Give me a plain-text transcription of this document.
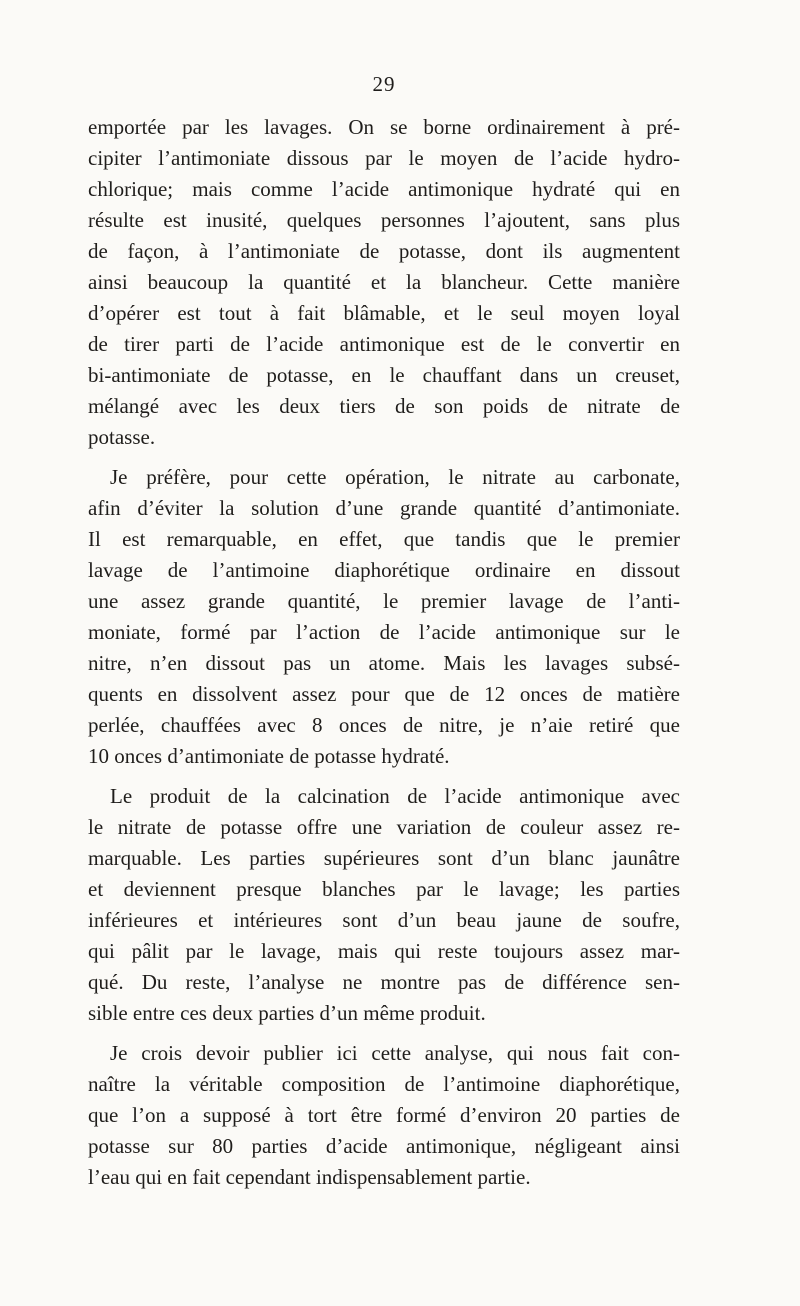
29

emportée par les lavages. On se borne ordinairement à pré-
cipiter l’antimoniate dissous par le moyen de l’acide hydro-
chlorique; mais comme l’acide antimonique hydraté qui en
résulte est inusité, quelques personnes l’ajoutent, sans plus
de façon, à l’antimoniate de potasse, dont ils augmentent
ainsi beaucoup la quantité et la blancheur. Cette manière
d’opérer est tout à fait blâmable, et le seul moyen loyal
de tirer parti de l’acide antimonique est de le convertir en
bi-antimoniate de potasse, en le chauffant dans un creuset,
mélangé avec les deux tiers de son poids de nitrate de
potasse.

Je préfère, pour cette opération, le nitrate au carbonate,
afin d’éviter la solution d’une grande quantité d’antimoniate.
Il est remarquable, en effet, que tandis que le premier
lavage de l’antimoine diaphorétique ordinaire en dissout
une assez grande quantité, le premier lavage de l’anti-
moniate, formé par l’action de l’acide antimonique sur le
nitre, n’en dissout pas un atome. Mais les lavages subsé-
quents en dissolvent assez pour que de 12 onces de matière
perlée, chauffées avec 8 onces de nitre, je n’aie retiré que
10 onces d’antimoniate de potasse hydraté.

Le produit de la calcination de l’acide antimonique avec
le nitrate de potasse offre une variation de couleur assez re-
marquable. Les parties supérieures sont d’un blanc jaunâtre
et deviennent presque blanches par le lavage; les parties
inférieures et intérieures sont d’un beau jaune de soufre,
qui pâlit par le lavage, mais qui reste toujours assez mar-
qué. Du reste, l’analyse ne montre pas de différence sen-
sible entre ces deux parties d’un même produit.

Je crois devoir publier ici cette analyse, qui nous fait con-
naître la véritable composition de l’antimoine diaphorétique,
que l’on a supposé à tort être formé d’environ 20 parties de
potasse sur 80 parties d’acide antimonique, négligeant ainsi
l’eau qui en fait cependant indispensablement partie.
